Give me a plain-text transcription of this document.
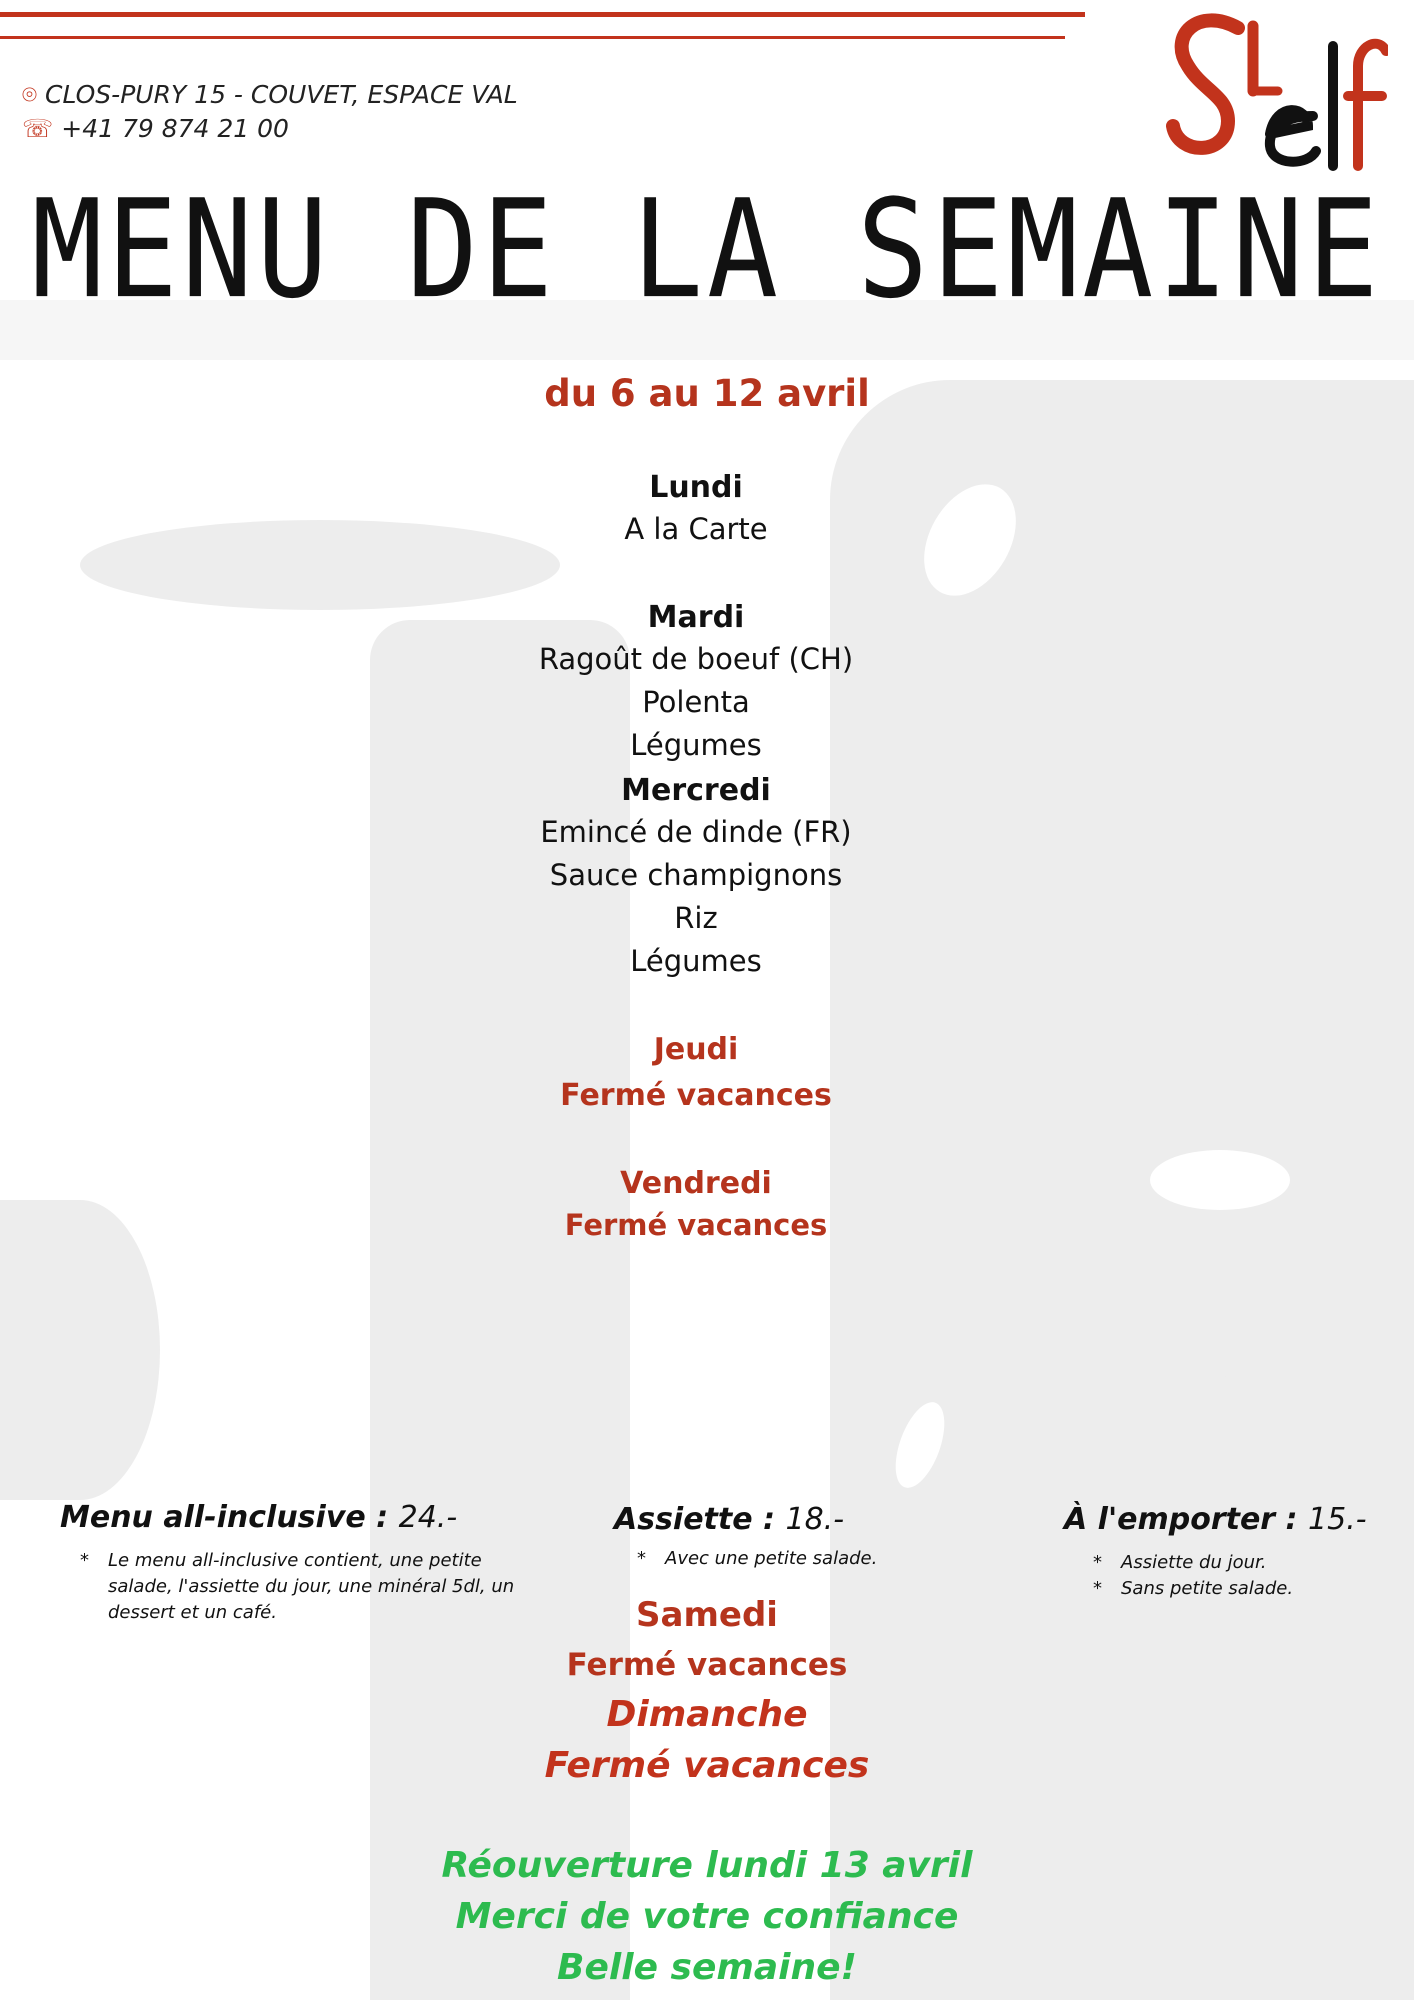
⌾ CLOS-PURY 15 - COUVET, ESPACE VAL
☏ +41 79 874 21 00
MENU DE LA SEMAINE
du 6 au 12 avril
Lundi
A la Carte
Mardi
Ragoût de boeuf (CH)
Polenta
Légumes
Mercredi
Emincé de dinde (FR)
Sauce champignons
Riz
Légumes
Jeudi
Fermé vacances
Vendredi
Fermé vacances
Menu all-inclusive : 24.-
* Le menu all-inclusive contient, une petite salade, l'assiette du jour, une minéral 5dl, un dessert et un café.
Assiette : 18.-
* Avec une petite salade.
À l'emporter : 15.-
* Assiette du jour.
* Sans petite salade.
Samedi
Fermé vacances
Dimanche
Fermé vacances
Réouverture lundi 13 avril
Merci de votre confiance
Belle semaine!
